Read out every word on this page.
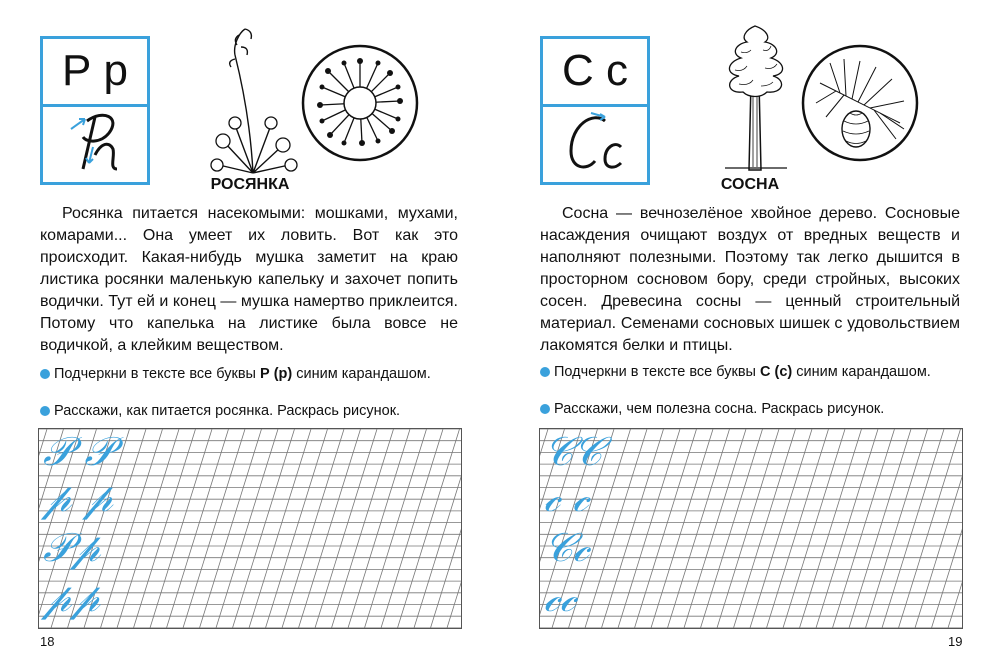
Р р
РОСЯНКА
Росянка питается насекомыми: мошками, мухами, комарами... Она умеет их ловить. Вот как это происходит. Какая-нибудь мушка заметит на краю листика росянки маленькую капельку и захочет попить водички. Тут ей и конец — мушка намертво приклеится. Потому что капелька на листике была вовсе не водичкой, а клейким веществом.
Подчеркни в тексте все буквы Р (р) синим карандашом.
Расскажи, как питается росянка. Раскрась рисунок.
𝒫 𝒫
𝓅 𝓅
𝒫𝓅
𝓅𝓅
18
С с
СОСНА
Сосна — вечнозелёное хвойное дерево. Сосновые насаждения очищают воздух от вредных веществ и наполняют полезными. Поэтому так легко дышится в просторном сосновом бору, среди стройных, высоких сосен. Древесина сосны — ценный строительный материал. Семенами сосновых шишек с удовольствием лакомятся белки и птицы.
Подчеркни в тексте все буквы С (с) синим карандашом.
Расскажи, чем полезна сосна. Раскрась рисунок.
𝒞𝒞
𝒸 𝒸
𝒞𝒸
𝒸𝒸
19
